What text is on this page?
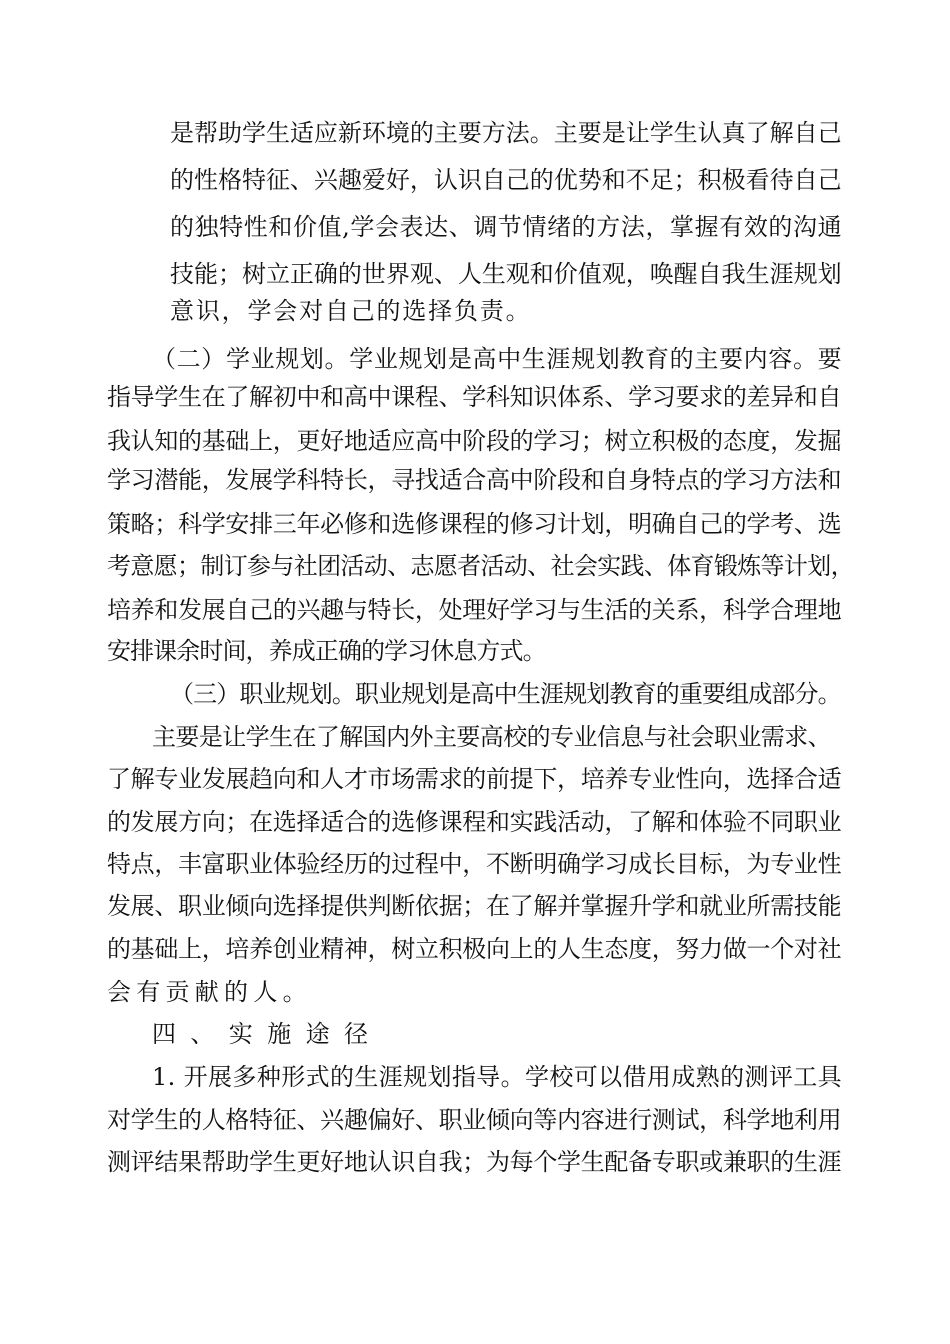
是帮助学生适应新环境的主要方法。主要是让学生认真了解自己
的性格特征、兴趣爱好，认识自己的优势和不足；积极看待自己
的独特性和价值,学会表达、调节情绪的方法，掌握有效的沟通
技能；树立正确的世界观、人生观和价值观，唤醒自我生涯规划
意识，学会对自己的选择负责。
（二）学业规划。学业规划是高中生涯规划教育的主要内容。要
指导学生在了解初中和高中课程、学科知识体系、学习要求的差异和自
我认知的基础上，更好地适应高中阶段的学习；树立积极的态度，发掘
学习潜能，发展学科特长，寻找适合高中阶段和自身特点的学习方法和
策略；科学安排三年必修和选修课程的修习计划，明确自己的学考、选
考意愿；制订参与社团活动、志愿者活动、社会实践、体育锻炼等计划，
培养和发展自己的兴趣与特长，处理好学习与生活的关系，科学合理地
安排课余时间，养成正确的学习休息方式。
（三）职业规划。职业规划是高中生涯规划教育的重要组成部分。
主要是让学生在了解国内外主要高校的专业信息与社会职业需求、
了解专业发展趋向和人才市场需求的前提下，培养专业性向，选择合适
的发展方向；在选择适合的选修课程和实践活动，了解和体验不同职业
特点，丰富职业体验经历的过程中，不断明确学习成长目标，为专业性
发展、职业倾向选择提供判断依据；在了解并掌握升学和就业所需技能
的基础上，培养创业精神，树立积极向上的人生态度，努力做一个对社
会有贡献的人。
四、实施途径
1. 开展多种形式的生涯规划指导。学校可以借用成熟的测评工具
对学生的人格特征、兴趣偏好、职业倾向等内容进行测试，科学地利用
测评结果帮助学生更好地认识自我；为每个学生配备专职或兼职的生涯
